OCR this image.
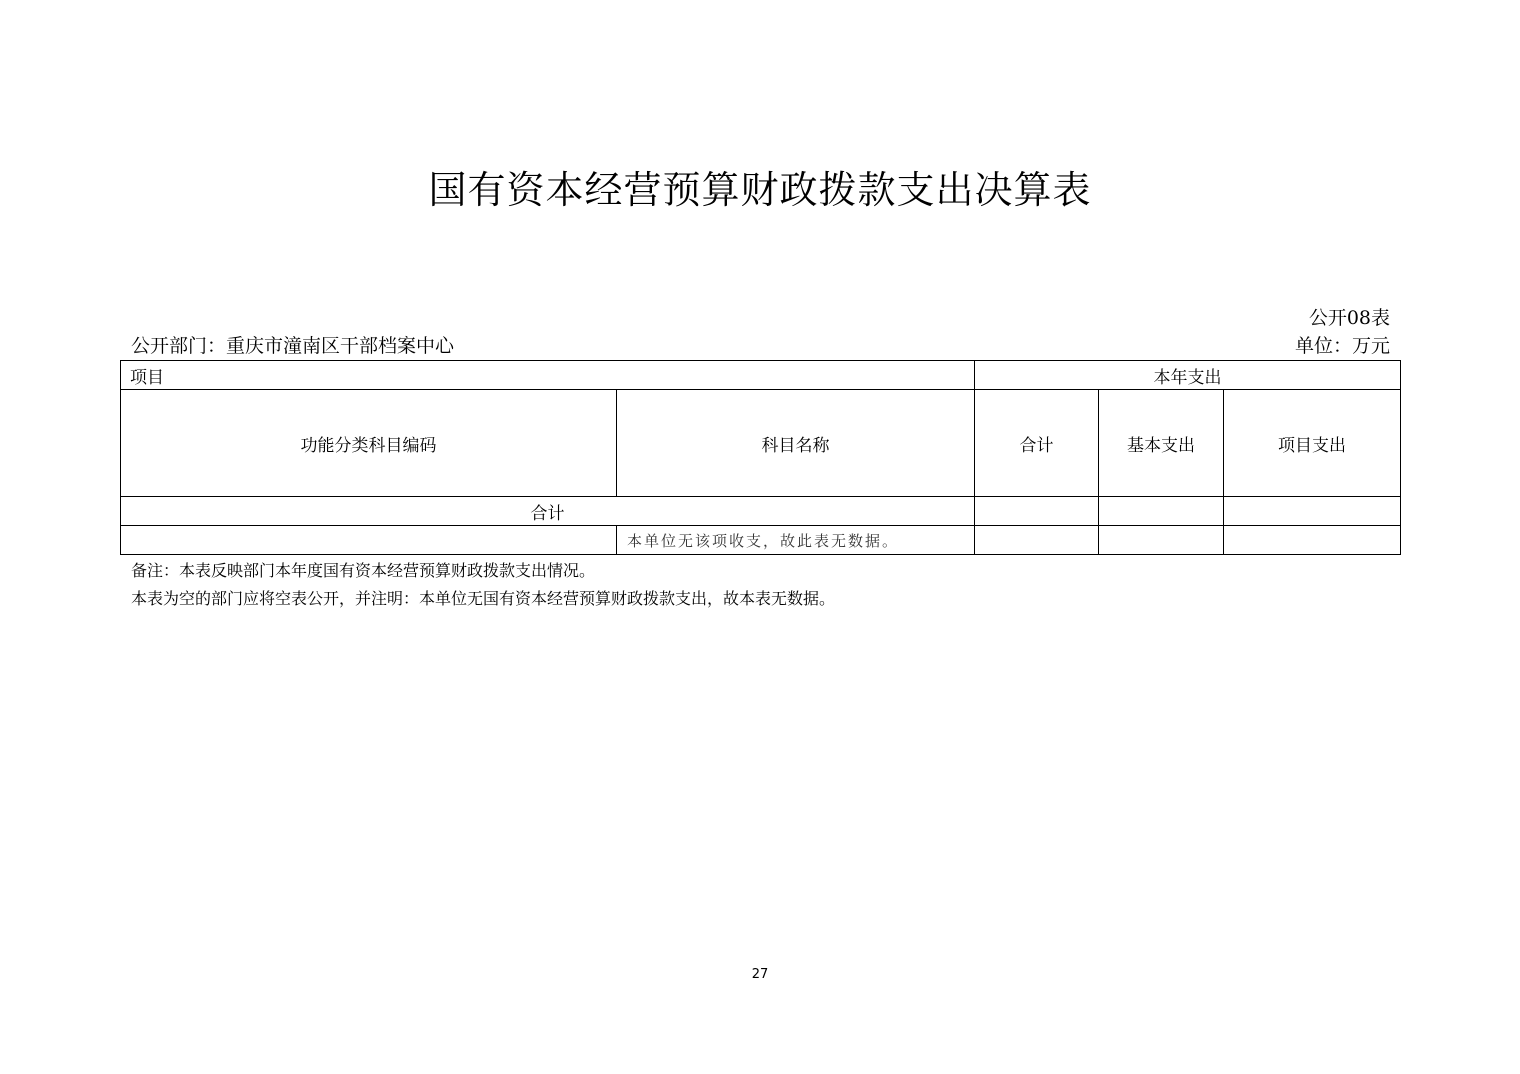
国有资本经营预算财政拨款支出决算表
公开08表
公开部门：重庆市潼南区干部档案中心	单位：万元
项目		本年支出		
功能分类科目编码	科目名称	合计	基本支出	项目支出
合计				
	本单位无该项收支，故此表无数据。			
备注：本表反映部门本年度国有资本经营预算财政拨款支出情况。
本表为空的部门应将空表公开，并注明：本单位无国有资本经营预算财政拨款支出，故本表无数据。
27
